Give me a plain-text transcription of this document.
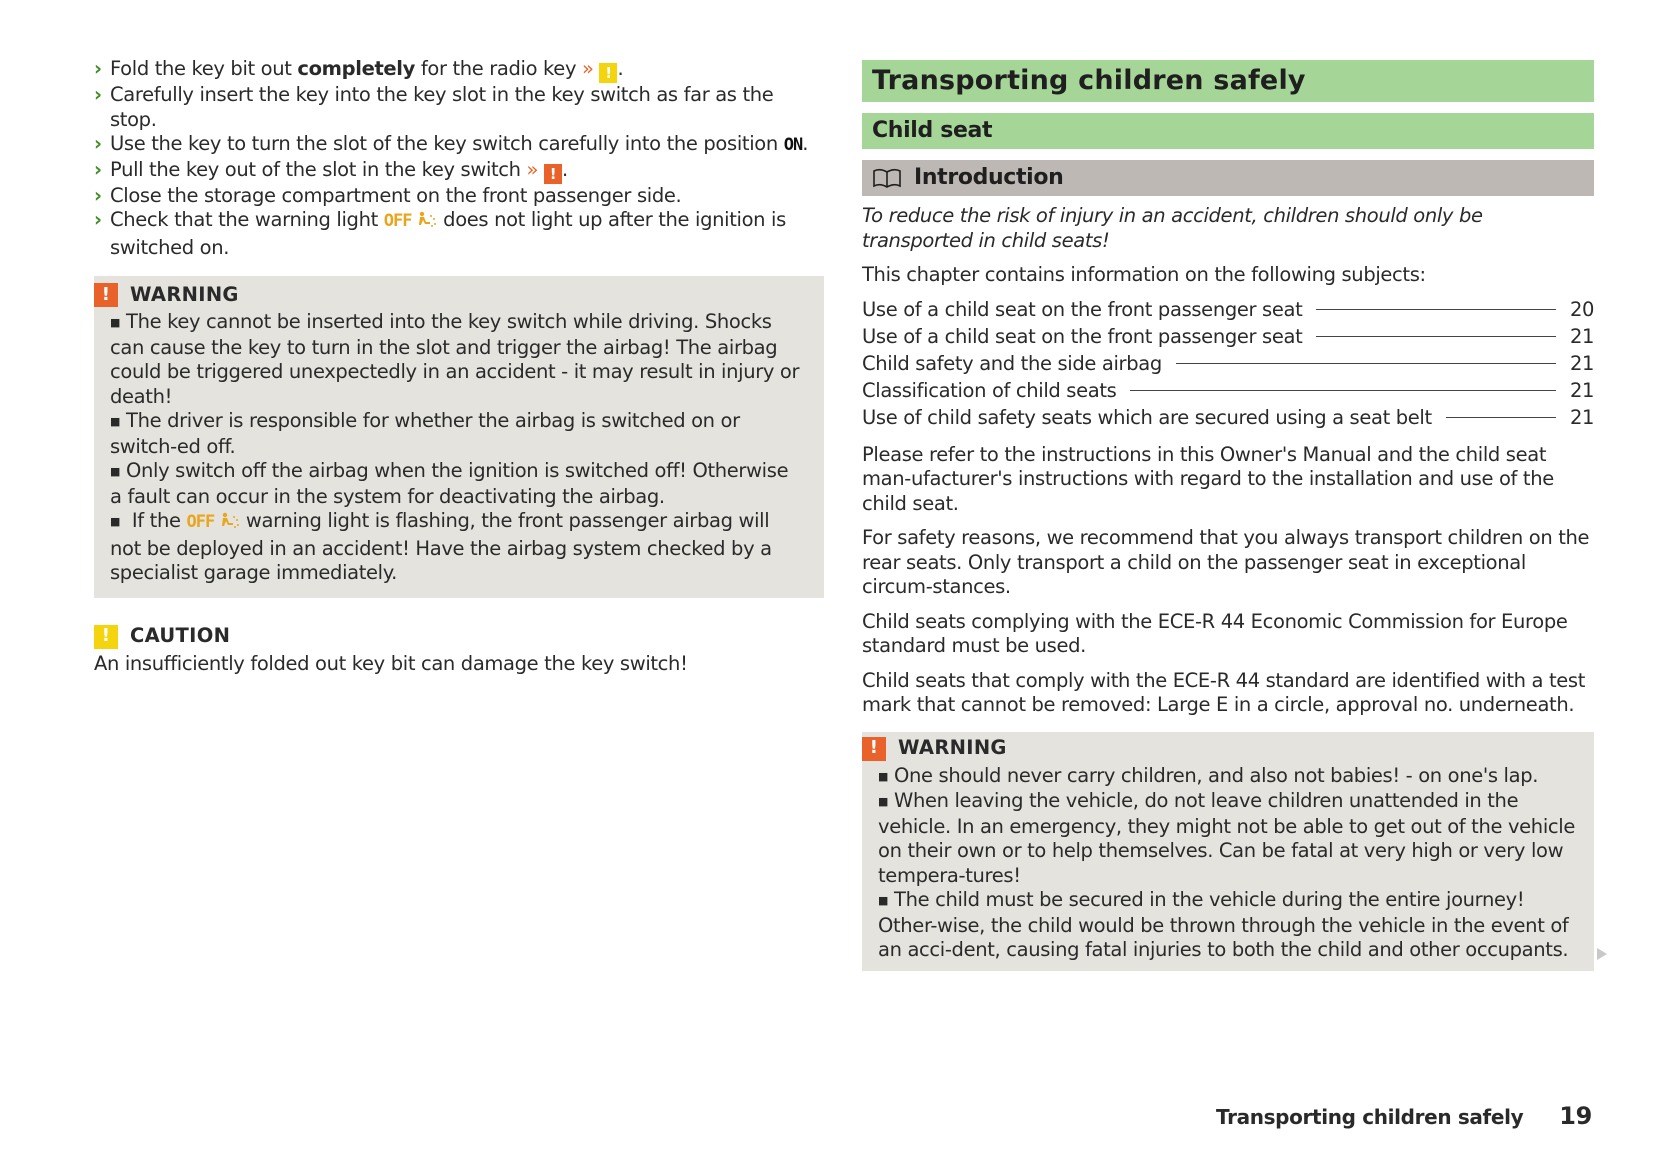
› Fold the key bit out completely for the radio key » ! .
› Carefully insert the key into the key slot in the key switch as far as the stop.
› Use the key to turn the slot of the key switch carefully into the position ON.
› Pull the key out of the slot in the key switch » ! .
› Close the storage compartment on the front passenger side.
› Check that the warning light OFF  does not light up after the ignition is switched on.
!	WARNING
■ The key cannot be inserted into the key switch while driving. Shocks can cause the key to turn in the slot and trigger the airbag! The airbag could be triggered unexpectedly in an accident - it may result in injury or death!
■ The driver is responsible for whether the airbag is switched on or switch-ed off.
■ Only switch off the airbag when the ignition is switched off! Otherwise a fault can occur in the system for deactivating the airbag.
■ If the OFF  warning light is flashing, the front passenger airbag will not be deployed in an accident! Have the airbag system checked by a specialist garage immediately.
!	CAUTION
An insufficiently folded out key bit can damage the key switch!
Transporting children safely
Child seat
Introduction
To reduce the risk of injury in an accident, children should only be transported in child seats!
This chapter contains information on the following subjects:
Use of a child seat on the front passenger seat	20
Use of a child seat on the front passenger seat	21
Child safety and the side airbag	21
Classification of child seats	21
Use of child safety seats which are secured using a seat belt	21
Please refer to the instructions in this Owner's Manual and the child seat man-ufacturer's instructions with regard to the installation and use of the child seat.
For safety reasons, we recommend that you always transport children on the rear seats. Only transport a child on the passenger seat in exceptional circum-stances.
Child seats complying with the ECE-R 44 Economic Commission for Europe standard must be used.
Child seats that comply with the ECE-R 44 standard are identified with a test mark that cannot be removed: Large E in a circle, approval no. underneath.
!	WARNING
■ One should never carry children, and also not babies! - on one's lap.
■ When leaving the vehicle, do not leave children unattended in the vehicle. In an emergency, they might not be able to get out of the vehicle on their own or to help themselves. Can be fatal at very high or very low tempera-tures!
■ The child must be secured in the vehicle during the entire journey! Other-wise, the child would be thrown through the vehicle in the event of an acci-dent, causing fatal injuries to both the child and other occupants.
Transporting children safely 19
